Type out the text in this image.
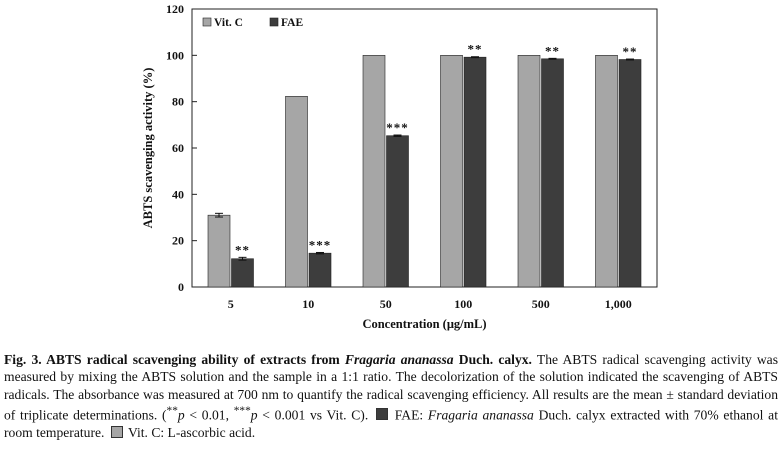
0
20
40
60
80
100
120
5
**
10
***
50
***
100
**
500
**
1,000
**
ABTS scavenging activity (%)
Concentration (μg/mL)
Vit. C	FAE
Fig. 3. ABTS radical scavenging ability of extracts from Fragaria ananassa Duch. calyx. The ABTS radical scavenging activity was measured by mixing the ABTS solution and the sample in a 1:1 ratio. The decolorization of the solution indicated the scavenging of ABTS radicals. The absorbance was measured at 700 nm to quantify the radical scavenging efficiency. All results are the mean ± standard deviation of triplicate determinations. (**p < 0.01, ***p < 0.001 vs Vit. C). FAE: Fragaria ananassa Duch. calyx extracted with 70% ethanol at room temperature. Vit. C: L-ascorbic acid.
